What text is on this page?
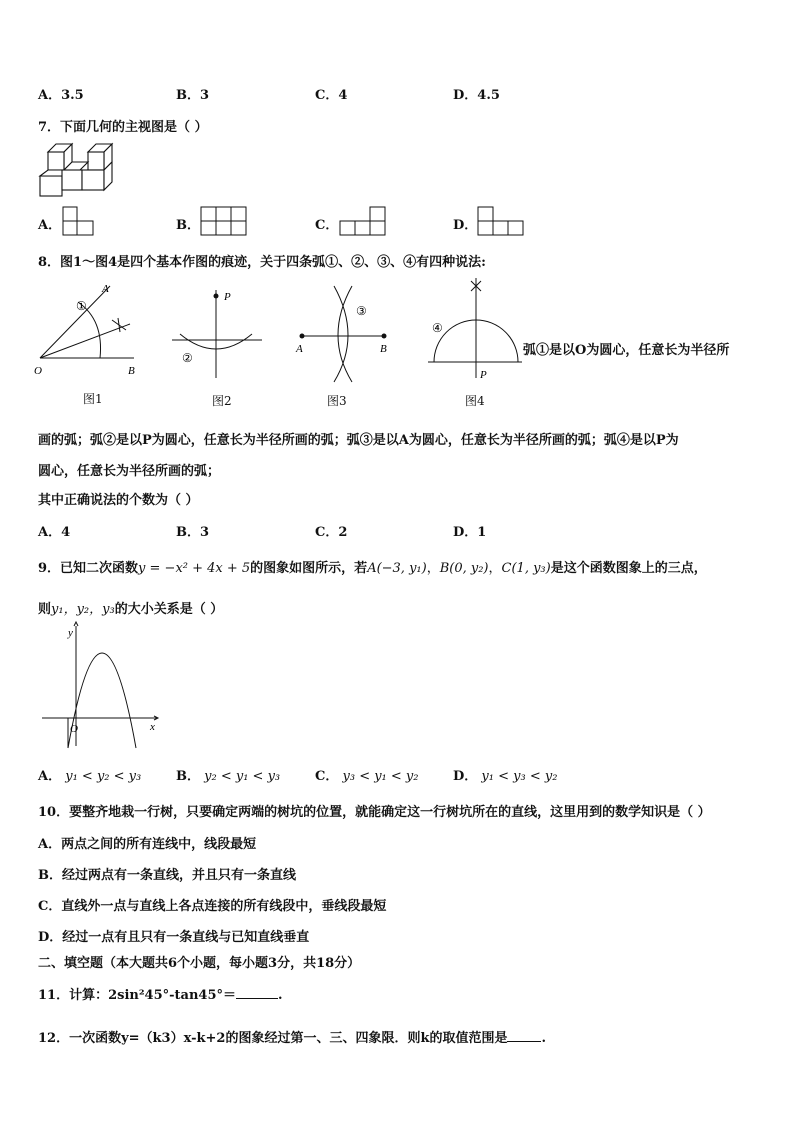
A．3.5	B．3	C．4	D．4.5
7．下面几何的主视图是（ ）
A．	B．	C．	D．
8．图1～图4是四个基本作图的痕迹，关于四条弧①、②、③、④有四种说法:
A
O	B
①
图1
P
②
图2
A	B
③
图3
④
P
图4
弧①是以O为圆心，任意长为半径所
画的弧；弧②是以P为圆心，任意长为半径所画的弧；弧③是以A为圆心，任意长为半径所画的弧；弧④是以P为
圆心，任意长为半径所画的弧；
其中正确说法的个数为（ ）
A．4	B．3	C．2	D．1
9．已知二次函数y = −x² + 4x + 5的图象如图所示，若A(−3, y₁)，B(0, y₂)，C(1, y₃)是这个函数图象上的三点，
则y₁，y₂，y₃的大小关系是（ ）
y
x
O
A． y₁ < y₂ < y₃	B． y₂ < y₁ < y₃	C． y₃ < y₁ < y₂	D． y₁ < y₃ < y₂
10．要整齐地栽一行树，只要确定两端的树坑的位置，就能确定这一行树坑所在的直线，这里用到的数学知识是（ ）
A．两点之间的所有连线中，线段最短
B．经过两点有一条直线，并且只有一条直线
C．直线外一点与直线上各点连接的所有线段中，垂线段最短
D．经过一点有且只有一条直线与已知直线垂直
二、填空题（本大题共6个小题，每小题3分，共18分）
11．计算：2sin²45°-tan45°＝	.
12．一次函数y=（k3）x-k+2的图象经过第一、三、四象限．则k的取值范围是	.
